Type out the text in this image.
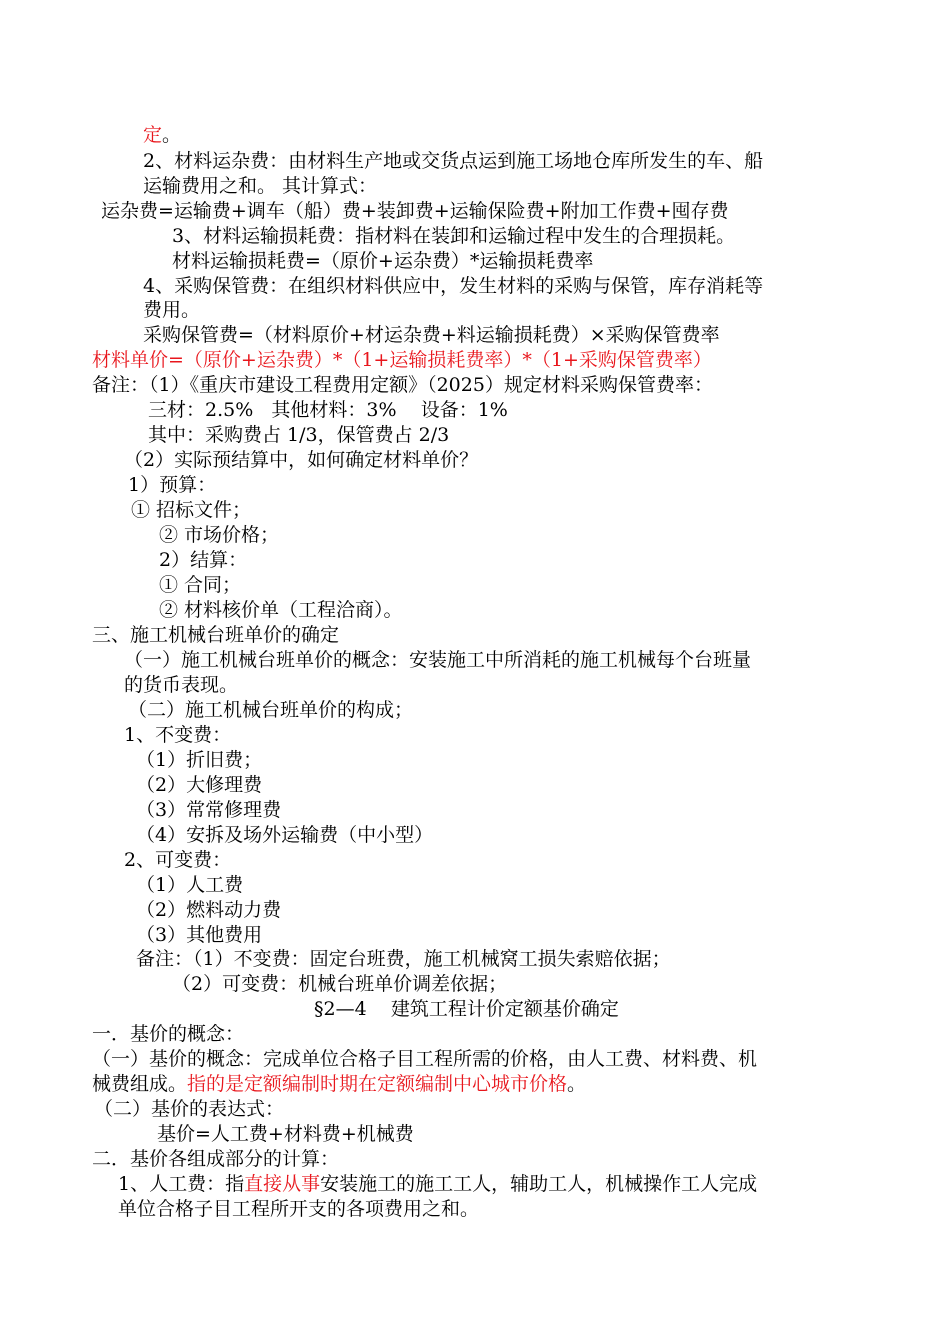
定。
2、材料运杂费：由材料生产地或交货点运到施工场地仓库所发生的车、船
运输费用之和。 其计算式：
运杂费=运输费+调车（船）费+装卸费+运输保险费+附加工作费+囤存费
3、材料运输损耗费：指材料在装卸和运输过程中发生的合理损耗。
材料运输损耗费=（原价+运杂费）*运输损耗费率
4、采购保管费：在组织材料供应中，发生材料的采购与保管，库存消耗等
费用。
采购保管费=（材料原价+材运杂费+料运输损耗费）×采购保管费率
材料单价=（原价+运杂费）*（1+运输损耗费率）*（1+采购保管费率）
备注：（1）《重庆市建设工程费用定额》（2025）规定材料采购保管费率：
三材：2.5%   其他材料：3%    设备：1%
其中：采购费占 1/3，保管费占 2/3
（2）实际预结算中，如何确定材料单价？
1）预算：
① 招标文件；
② 市场价格；
2）结算：
① 合同；
② 材料核价单（工程洽商）。
三、施工机械台班单价的确定
（一）施工机械台班单价的概念：安装施工中所消耗的施工机械每个台班量
的货币表现。
（二）施工机械台班单价的构成；
1、不变费：
（1）折旧费；
（2）大修理费
（3）常常修理费
（4）安拆及场外运输费（中小型）
2、可变费：
（1）人工费
（2）燃料动力费
（3）其他费用
备注：（1）不变费：固定台班费，施工机械窝工损失索赔依据；
（2）可变费：机械台班单价调差依据；
§2—4    建筑工程计价定额基价确定
一．基价的概念：
（一）基价的概念：完成单位合格子目工程所需的价格，由人工费、材料费、机
械费组成。指的是定额编制时期在定额编制中心城市价格。
（二）基价的表达式：
基价=人工费+材料费+机械费
二．基价各组成部分的计算：
1、人工费：指直接从事安装施工的施工工人，辅助工人，机械操作工人完成
单位合格子目工程所开支的各项费用之和。
